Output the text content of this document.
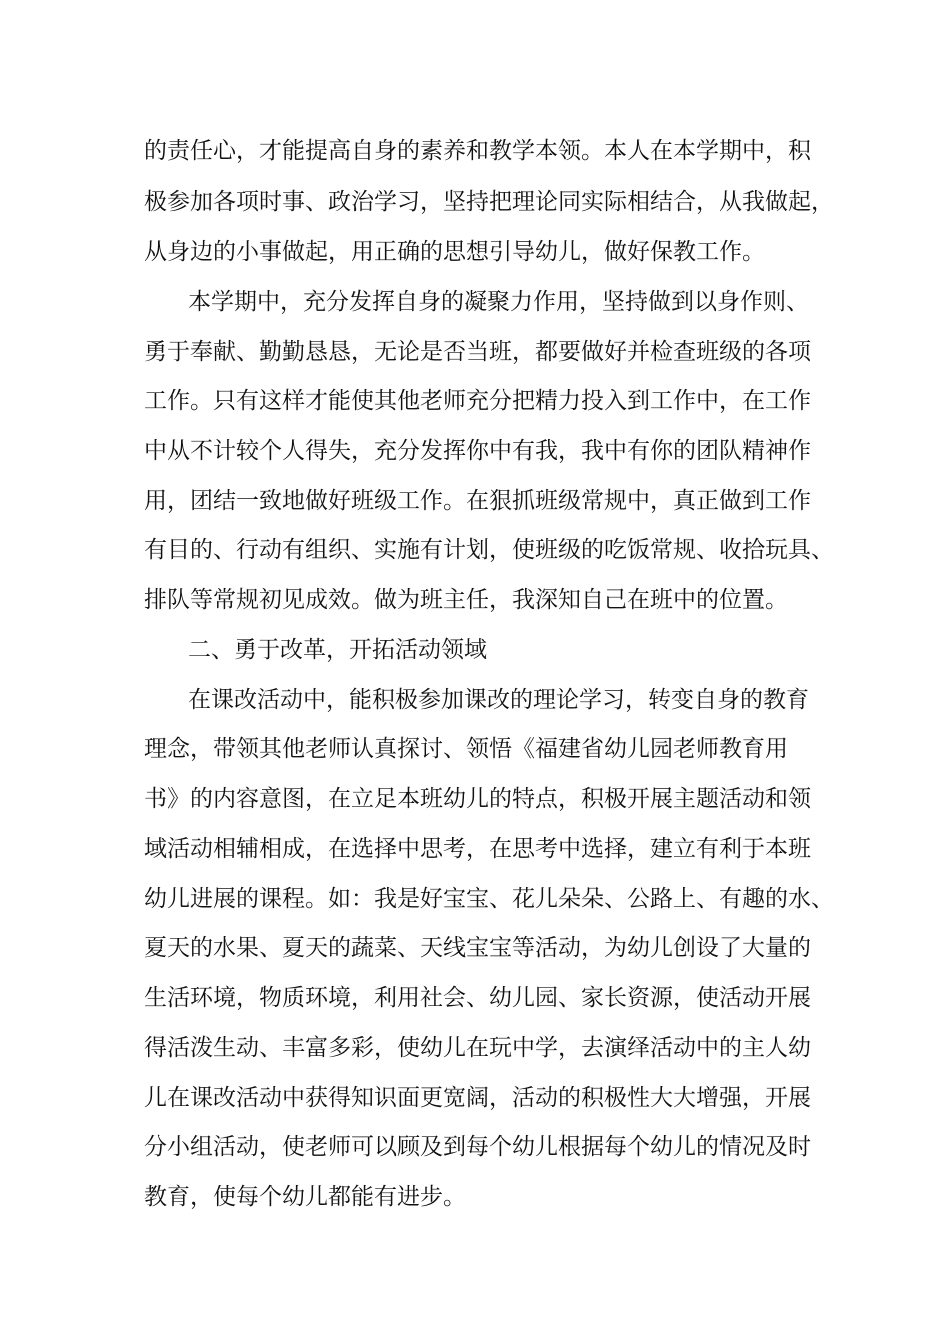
的责任心，才能提高自身的素养和教学本领。本人在本学期中，积
极参加各项时事、政治学习，坚持把理论同实际相结合，从我做起，
从身边的小事做起，用正确的思想引导幼儿，做好保教工作。
本学期中，充分发挥自身的凝聚力作用，坚持做到以身作则、
勇于奉献、勤勤恳恳，无论是否当班，都要做好并检查班级的各项
工作。只有这样才能使其他老师充分把精力投入到工作中，在工作
中从不计较个人得失，充分发挥你中有我，我中有你的团队精神作
用，团结一致地做好班级工作。在狠抓班级常规中，真正做到工作
有目的、行动有组织、实施有计划，使班级的吃饭常规、收拾玩具、
排队等常规初见成效。做为班主任，我深知自己在班中的位置。
二、勇于改革，开拓活动领域
在课改活动中，能积极参加课改的理论学习，转变自身的教育
理念，带领其他老师认真探讨、领悟《福建省幼儿园老师教育用
书》的内容意图，在立足本班幼儿的特点，积极开展主题活动和领
域活动相辅相成，在选择中思考，在思考中选择，建立有利于本班
幼儿进展的课程。如：我是好宝宝、花儿朵朵、公路上、有趣的水、
夏天的水果、夏天的蔬菜、天线宝宝等活动，为幼儿创设了大量的
生活环境，物质环境，利用社会、幼儿园、家长资源，使活动开展
得活泼生动、丰富多彩，使幼儿在玩中学，去演绎活动中的主人幼
儿在课改活动中获得知识面更宽阔，活动的积极性大大增强，开展
分小组活动，使老师可以顾及到每个幼儿根据每个幼儿的情况及时
教育，使每个幼儿都能有进步。
